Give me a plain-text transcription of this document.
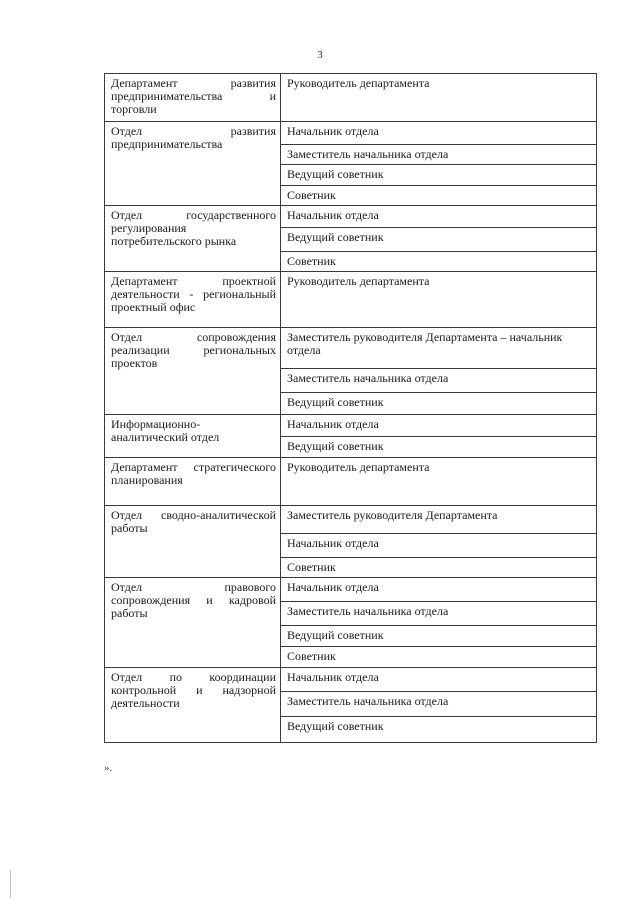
3
Департамент развития предпринимательства и торговли	Руководитель департамента
Отдел развития предпринимательства	Начальник отдела
	Заместитель начальника отдела
	Ведущий советник
	Советник
Отдел государственного регулирования потребительского рынка	Начальник отдела
	Ведущий советник
	Советник
Департамент проектной деятельности - региональный проектный офис	Руководитель департамента
Отдел сопровождения реализации региональных проектов	Заместитель руководителя Департамента – начальник отдела
	Заместитель начальника отдела
	Ведущий советник
Информационно-аналитический отдел	Начальник отдела
	Ведущий советник
Департамент стратегического планирования	Руководитель департамента
Отдел сводно-аналитической работы	Заместитель руководителя Департамента
	Начальник отдела
	Советник
Отдел правового сопровождения и кадровой работы	Начальник отдела
	Заместитель начальника отдела
	Ведущий советник
	Советник
Отдел по координации контрольной и надзорной деятельности	Начальник отдела
	Заместитель начальника отдела
	Ведущий советник
».
